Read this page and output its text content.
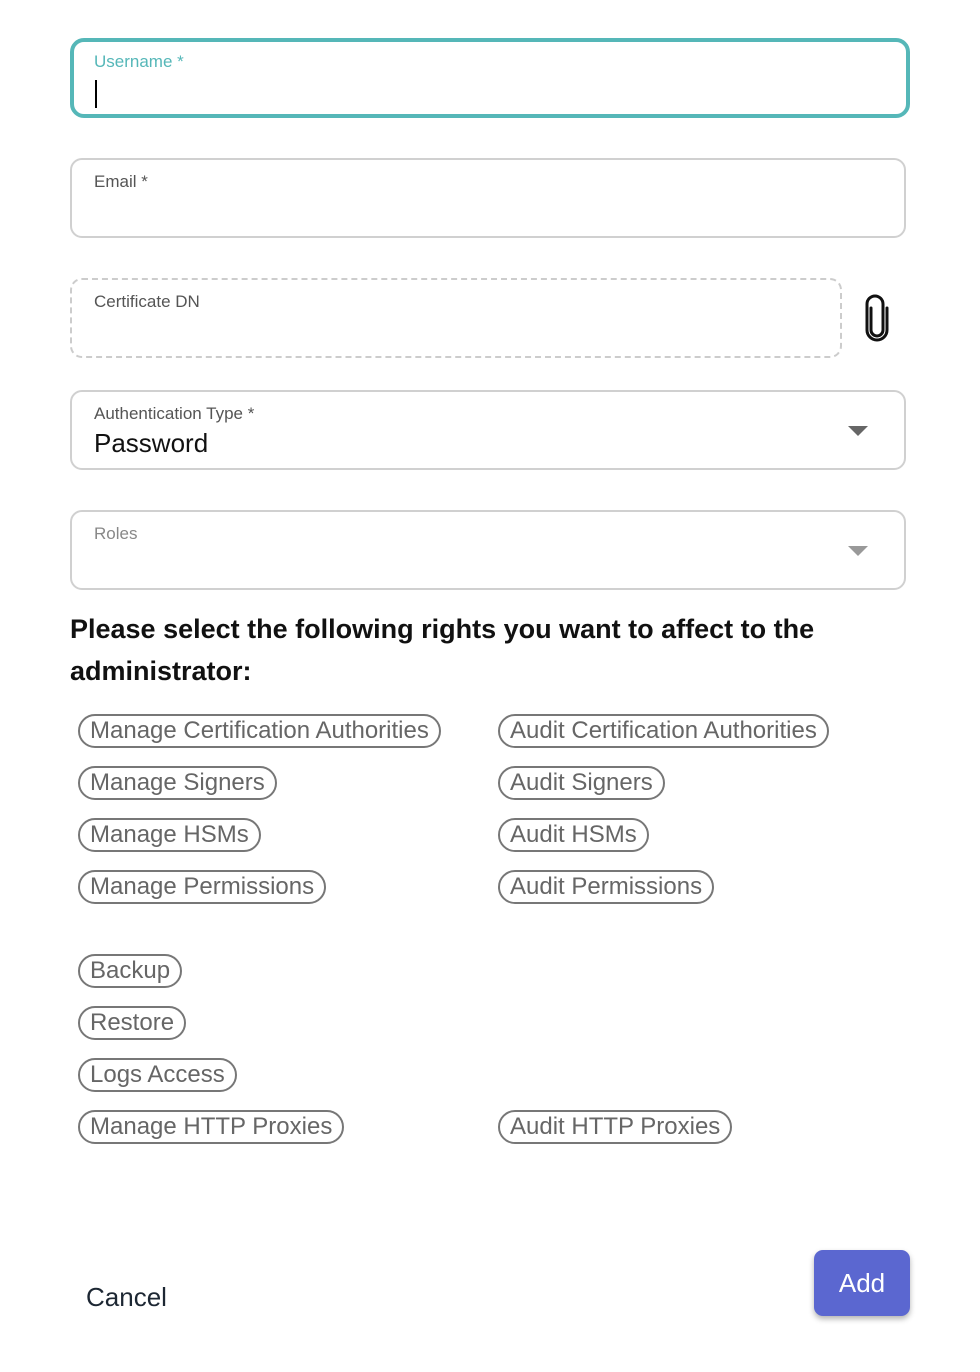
Username *
Email *
Certificate DN
Authentication Type *
Password
Roles
Please select the following rights you want to affect to the administrator:
Manage Certification Authorities
Manage Signers
Manage HSMs
Manage Permissions
Backup
Restore
Logs Access
Manage HTTP Proxies
Audit Certification Authorities
Audit Signers
Audit HSMs
Audit Permissions
Audit HTTP Proxies
Cancel	Add
